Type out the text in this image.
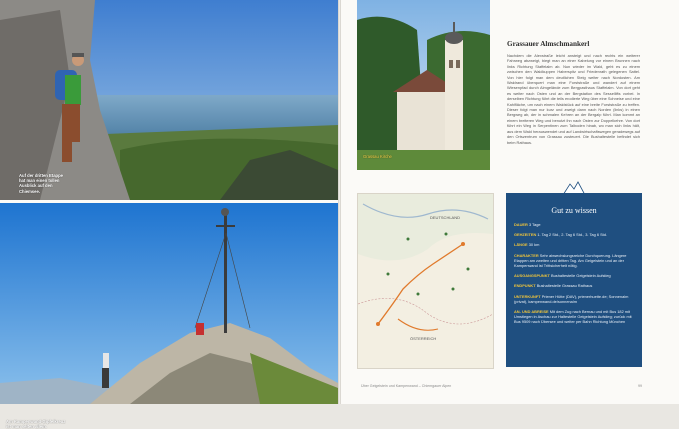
Auf der dritten Etappe hat man einen tollen Ausblick auf den Chiemsee.
Am Kampenwand-Gipfelkreuz ist man selten allein.
Grassau Kirche
Grassauer Almschmankerl

Nachdem die Alexstraße leicht ansteigt und nach rechts ein weiterer Fahrweg abzweigt, biegt man an einer Kabelung vor einem Brunnen nach links Richtung Staffelalm ab. Nun wieder im Wald, geht es zu einem zwischen den Waldkuppen Haberspitz und Friedenrath gelegenen Sattel. Von hier folgt man dem deutlichen Steig weiter nach Nordosten. Am Waldrand überquert man eine Forststraße und wandert auf einem Wiesenpfad durch Almgelände zum Bergpasthaus Staffelalm. Von dort geht es weiter nach Osten und an der Bergstation des Sessellifts vorbei. In derselben Richtung führt die teils erodierte Weg über eine Schneise und eine Kahlfläche, um nach einem Waldstück auf eine breite Forststraße zu treffen. Dieser folgt man nur kurz und zweigt dann nach Norden (links) in einen Bergweg ab, der in schmalen Kehren an der Bergalp führt. Man kommt an einem breiteren Weg und benutzt ihn nach Osten zur Doppelkehre. Von dort führt ein Weg in Serpentinen zum Talboden hinab, wo man sich links hält, aus dem Wald herauswendet und auf Landwirtschaftswegen geradewegs auf den Ortszentrum von Grassau zusteuert. Die Bushaltestelle befindet sich beim Rathaus.

DEUTSCHLAND
ÖSTERREICH
Gut zu wissen
DAUER 3 Tage
GEHZEITEN 1. Tag 2 Std., 2. Tag 6 Std., 3. Tag 6 Std.
LÄNGE 30 km
CHARAKTER Sehr abwechslungsreiche Durchquerung. Längere Etappen am zweiten und dritten Tag. Am Geigelstein und an der Kampenwand ist Trittsicherheit nötig.
AUSGANGSPUNKT Bushaltestelle Geigelstein Aufstieg
ENDPUNKT Bushaltestelle Grassau Rathaus
UNTERKUNFT Priener Hütte (DAV), prienerhuette.de; Sonnenalm (privat), kampenwand.de/sonnenalm
AN- UND ABREISE Mit dem Zug nach Bernau und mit Bus 182 mit Umstiegen in Aschau zur Haltestelle Geigelstein Aufstieg; zurück mit Bus 9509 nach Übersee und weiter per Bahn Richtung München
Über Geigelstein und Kampenwand – Chiemgauer Alpen	99
